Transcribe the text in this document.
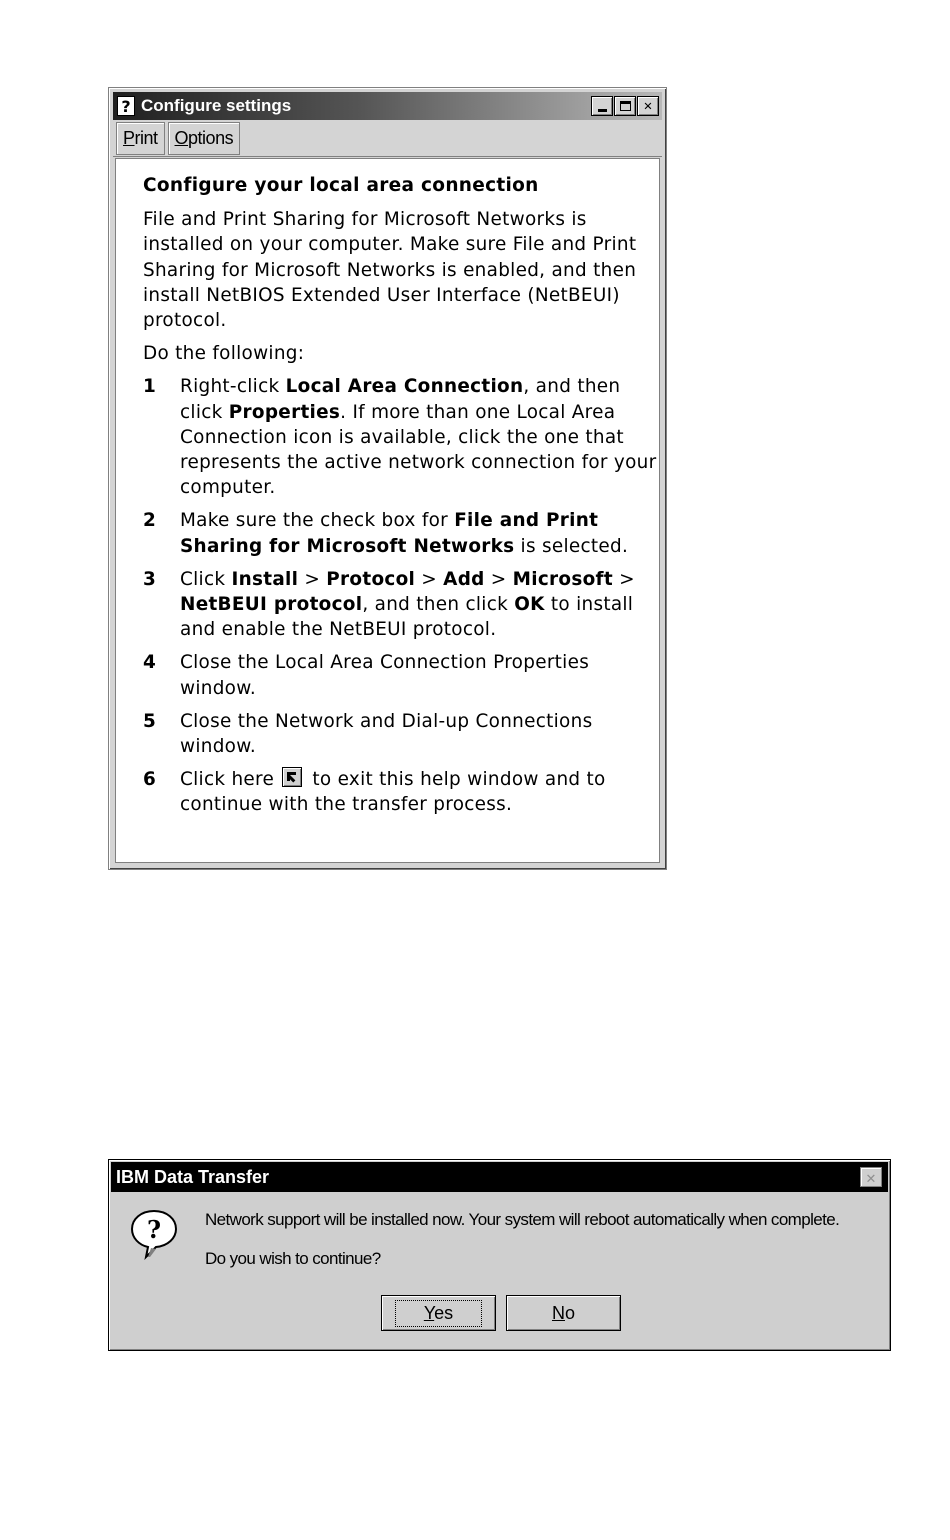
? Configure settings	✕
P rint O ptions
Configure your local area connection

File and Print Sharing for Microsoft Networks is installed on your computer. Make sure File and Print Sharing for Microsoft Networks is enabled, and then install NetBIOS Extended User Interface (NetBEUI) protocol.

Do the following:

1	Right-click Local Area Connection, and then click Properties. If more than one Local Area Connection icon is available, click the one that represents the active network connection for your computer.
2	Make sure the check box for File and Print Sharing for Microsoft Networks is selected.
3	Click Install > Protocol > Add > Microsoft > NetBEUI protocol, and then click OK to install and enable the NetBEUI protocol.
4	Close the Local Area Connection Properties window.
5	Close the Network and Dial-up Connections window.
6	Click here  to exit this help window and to continue with the transfer process.
IBM Data Transfer	✕
?	Network support will be installed now. Your system will reboot automatically when complete.
Do you wish to continue?
Yes	No
